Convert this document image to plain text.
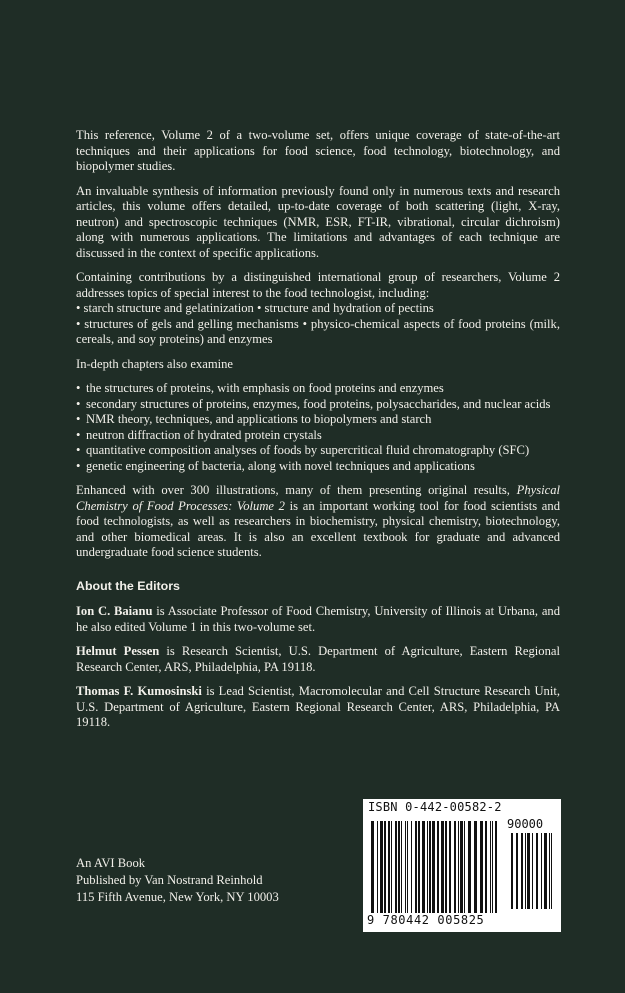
This reference, Volume 2 of a two-volume set, offers unique coverage of state-of-the-art techniques and their applications for food science, food technology, biotechnology, and biopolymer studies.

An invaluable synthesis of information previously found only in numerous texts and research articles, this volume offers detailed, up-to-date coverage of both scattering (light, X-ray, neutron) and spectroscopic techniques (NMR, ESR, FT-IR, vibrational, circular dichroism) along with numerous applications. The limitations and advantages of each technique are discussed in the context of specific applications.

Containing contributions by a distinguished international group of researchers, Volume 2 addresses topics of special interest to the food technologist, including:
• starch structure and gelatinization • structure and hydration of pectins
• structures of gels and gelling mechanisms • physico-chemical aspects of food proteins (milk, cereals, and soy proteins) and enzymes

In-depth chapters also examine

• the structures of proteins, with emphasis on food proteins and enzymes
• secondary structures of proteins, enzymes, food proteins, polysaccharides, and nuclear acids
• NMR theory, techniques, and applications to biopolymers and starch
• neutron diffraction of hydrated protein crystals
• quantitative composition analyses of foods by supercritical fluid chromatography (SFC)
• genetic engineering of bacteria, along with novel techniques and applications

Enhanced with over 300 illustrations, many of them presenting original results, Physical Chemistry of Food Processes: Volume 2 is an important working tool for food scientists and food technologists, as well as researchers in biochemistry, physical chemistry, biotechnology, and other biomedical areas. It is also an excellent textbook for graduate and advanced undergraduate food science students.

About the Editors

Ion C. Baianu is Associate Professor of Food Chemistry, University of Illinois at Urbana, and he also edited Volume 1 in this two-volume set.

Helmut Pessen is Research Scientist, U.S. Department of Agriculture, Eastern Regional Research Center, ARS, Philadelphia, PA 19118.

Thomas F. Kumosinski is Lead Scientist, Macromolecular and Cell Structure Research Unit, U.S. Department of Agriculture, Eastern Regional Research Center, ARS, Philadelphia, PA 19118.

An AVI Book
Published by Van Nostrand Reinhold
115 Fifth Avenue, New York, NY 10003
ISBN 0-442-00582-2
90000
9 780442 005825
